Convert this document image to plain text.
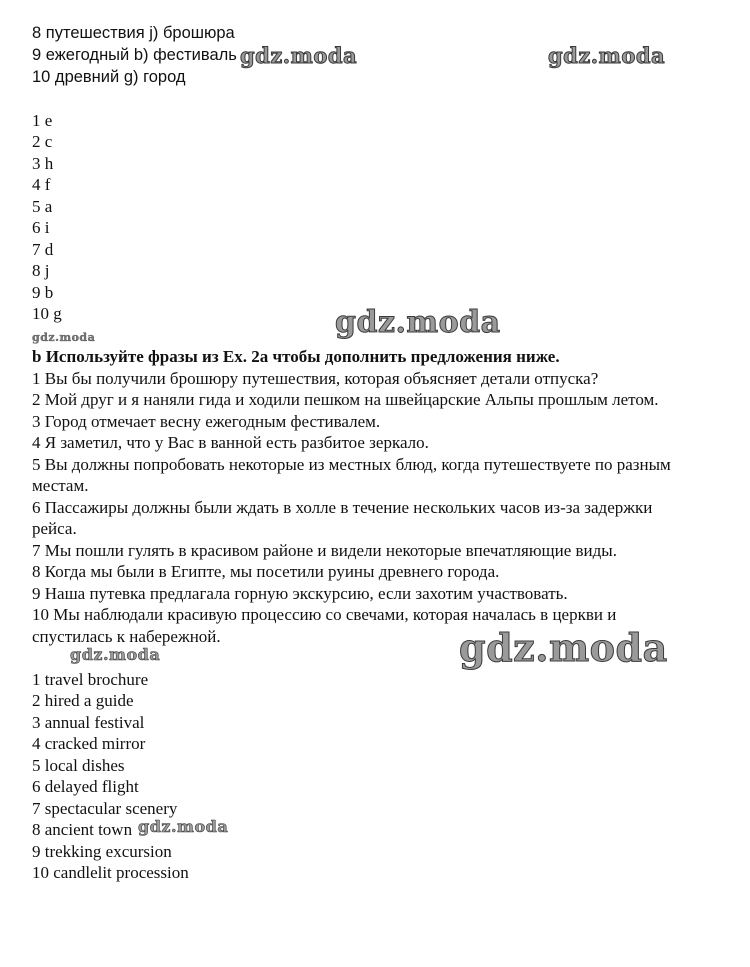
8 путешествия j) брошюра
9 ежегодный b) фестиваль
10 древний g) город
1 e
2 c
3 h
4 f
5 a
6 i
7 d
8 j
9 b
10 g
b Используйте фразы из Ex. 2a чтобы дополнить предложения ниже.
1 Вы бы получили брошюру путешествия, которая объясняет детали отпуска?
2 Мой друг и я наняли гида и ходили пешком на швейцарские Альпы прошлым летом.
3 Город отмечает весну ежегодным фестивалем.
4 Я заметил, что у Вас в ванной есть разбитое зеркало.
5 Вы должны попробовать некоторые из местных блюд, когда путешествуете по разным
местам.
6 Пассажиры должны были ждать в холле в течение нескольких часов из-за задержки
рейса.
7 Мы пошли гулять в красивом районе и видели некоторые впечатляющие виды.
8 Когда мы были в Египте, мы посетили руины древнего города.
9 Наша путевка предлагала горную экскурсию, если захотим участвовать.
10 Мы наблюдали красивую процессию со свечами, которая началась в церкви и
спустилась к набережной.
1 travel brochure
2 hired a guide
3 annual festival
4 cracked mirror
5 local dishes
6 delayed flight
7 spectacular scenery
8 ancient town
9 trekking excursion
10 candlelit procession
gdz.moda	gdz.moda
gdz.moda
gdz.moda
gdz.moda
gdz.moda
gdz.moda
